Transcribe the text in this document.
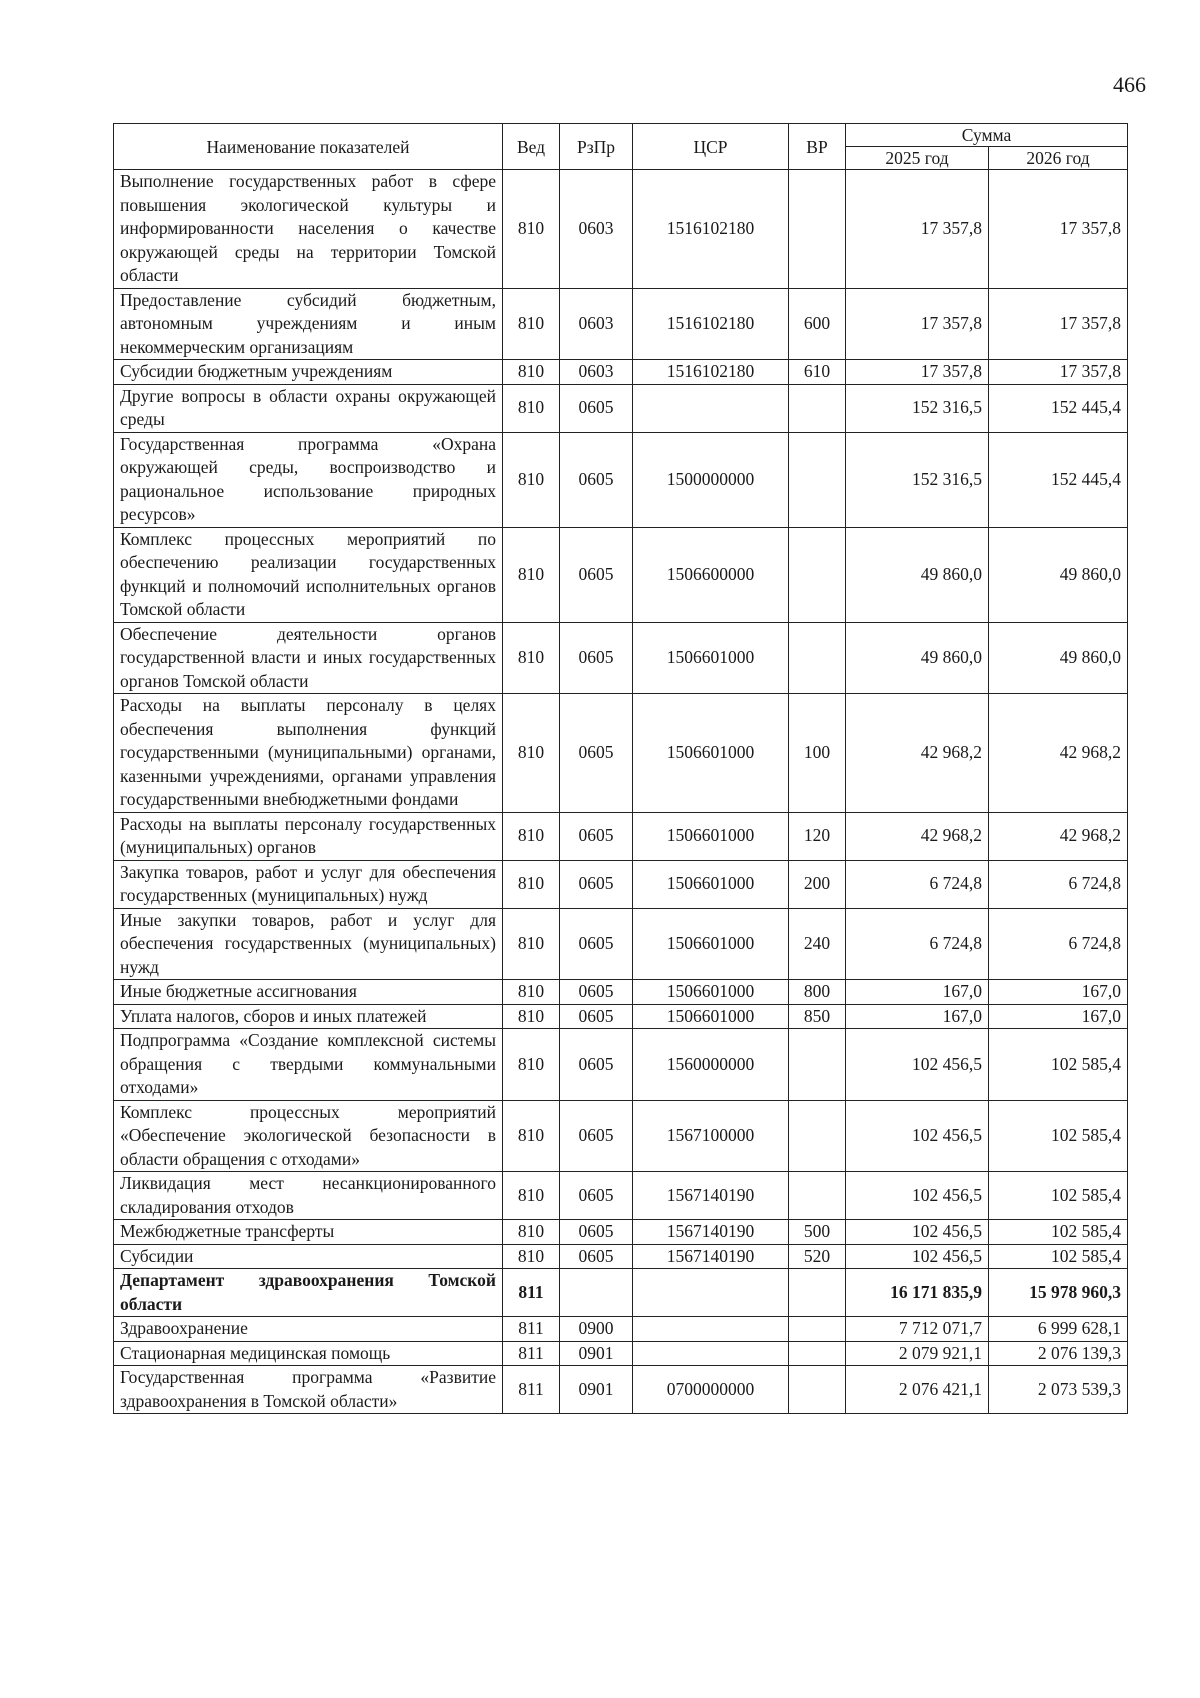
466
Наименование показателей	Вед	РзПр	ЦСР	ВР	Сумма	
					2025 год	2026 год
Выполнение государственных работ в сфере повышения экологической культуры и информированности населения о качестве окружающей среды на территории Томской области	810	0603	1516102180		17 357,8	17 357,8
Предоставление субсидий бюджетным, автономным учреждениям и иным некоммерческим организациям	810	0603	1516102180	600	17 357,8	17 357,8
Субсидии бюджетным учреждениям	810	0603	1516102180	610	17 357,8	17 357,8
Другие вопросы в области охраны окружающей среды	810	0605			152 316,5	152 445,4
Государственная программа «Охрана окружающей среды, воспроизводство и рациональное использование природных ресурсов»	810	0605	1500000000		152 316,5	152 445,4
Комплекс процессных мероприятий по обеспечению реализации государственных функций и полномочий исполнительных органов Томской области	810	0605	1506600000		49 860,0	49 860,0
Обеспечение деятельности органов государственной власти и иных государственных органов Томской области	810	0605	1506601000		49 860,0	49 860,0
Расходы на выплаты персоналу в целях обеспечения выполнения функций государственными (муниципальными) органами, казенными учреждениями, органами управления государственными внебюджетными фондами	810	0605	1506601000	100	42 968,2	42 968,2
Расходы на выплаты персоналу государственных (муниципальных) органов	810	0605	1506601000	120	42 968,2	42 968,2
Закупка товаров, работ и услуг для обеспечения государственных (муниципальных) нужд	810	0605	1506601000	200	6 724,8	6 724,8
Иные закупки товаров, работ и услуг для обеспечения государственных (муниципальных) нужд	810	0605	1506601000	240	6 724,8	6 724,8
Иные бюджетные ассигнования	810	0605	1506601000	800	167,0	167,0
Уплата налогов, сборов и иных платежей	810	0605	1506601000	850	167,0	167,0
Подпрограмма «Создание комплексной системы обращения с твердыми коммунальными отходами»	810	0605	1560000000		102 456,5	102 585,4
Комплекс процессных мероприятий «Обеспечение экологической безопасности в области обращения с отходами»	810	0605	1567100000		102 456,5	102 585,4
Ликвидация мест несанкционированного складирования отходов	810	0605	1567140190		102 456,5	102 585,4
Межбюджетные трансферты	810	0605	1567140190	500	102 456,5	102 585,4
Субсидии	810	0605	1567140190	520	102 456,5	102 585,4
Департамент здравоохранения Томской области	811				16 171 835,9	15 978 960,3
Здравоохранение	811	0900			7 712 071,7	6 999 628,1
Стационарная медицинская помощь	811	0901			2 079 921,1	2 076 139,3
Государственная программа «Развитие здравоохранения в Томской области»	811	0901	0700000000		2 076 421,1	2 073 539,3
